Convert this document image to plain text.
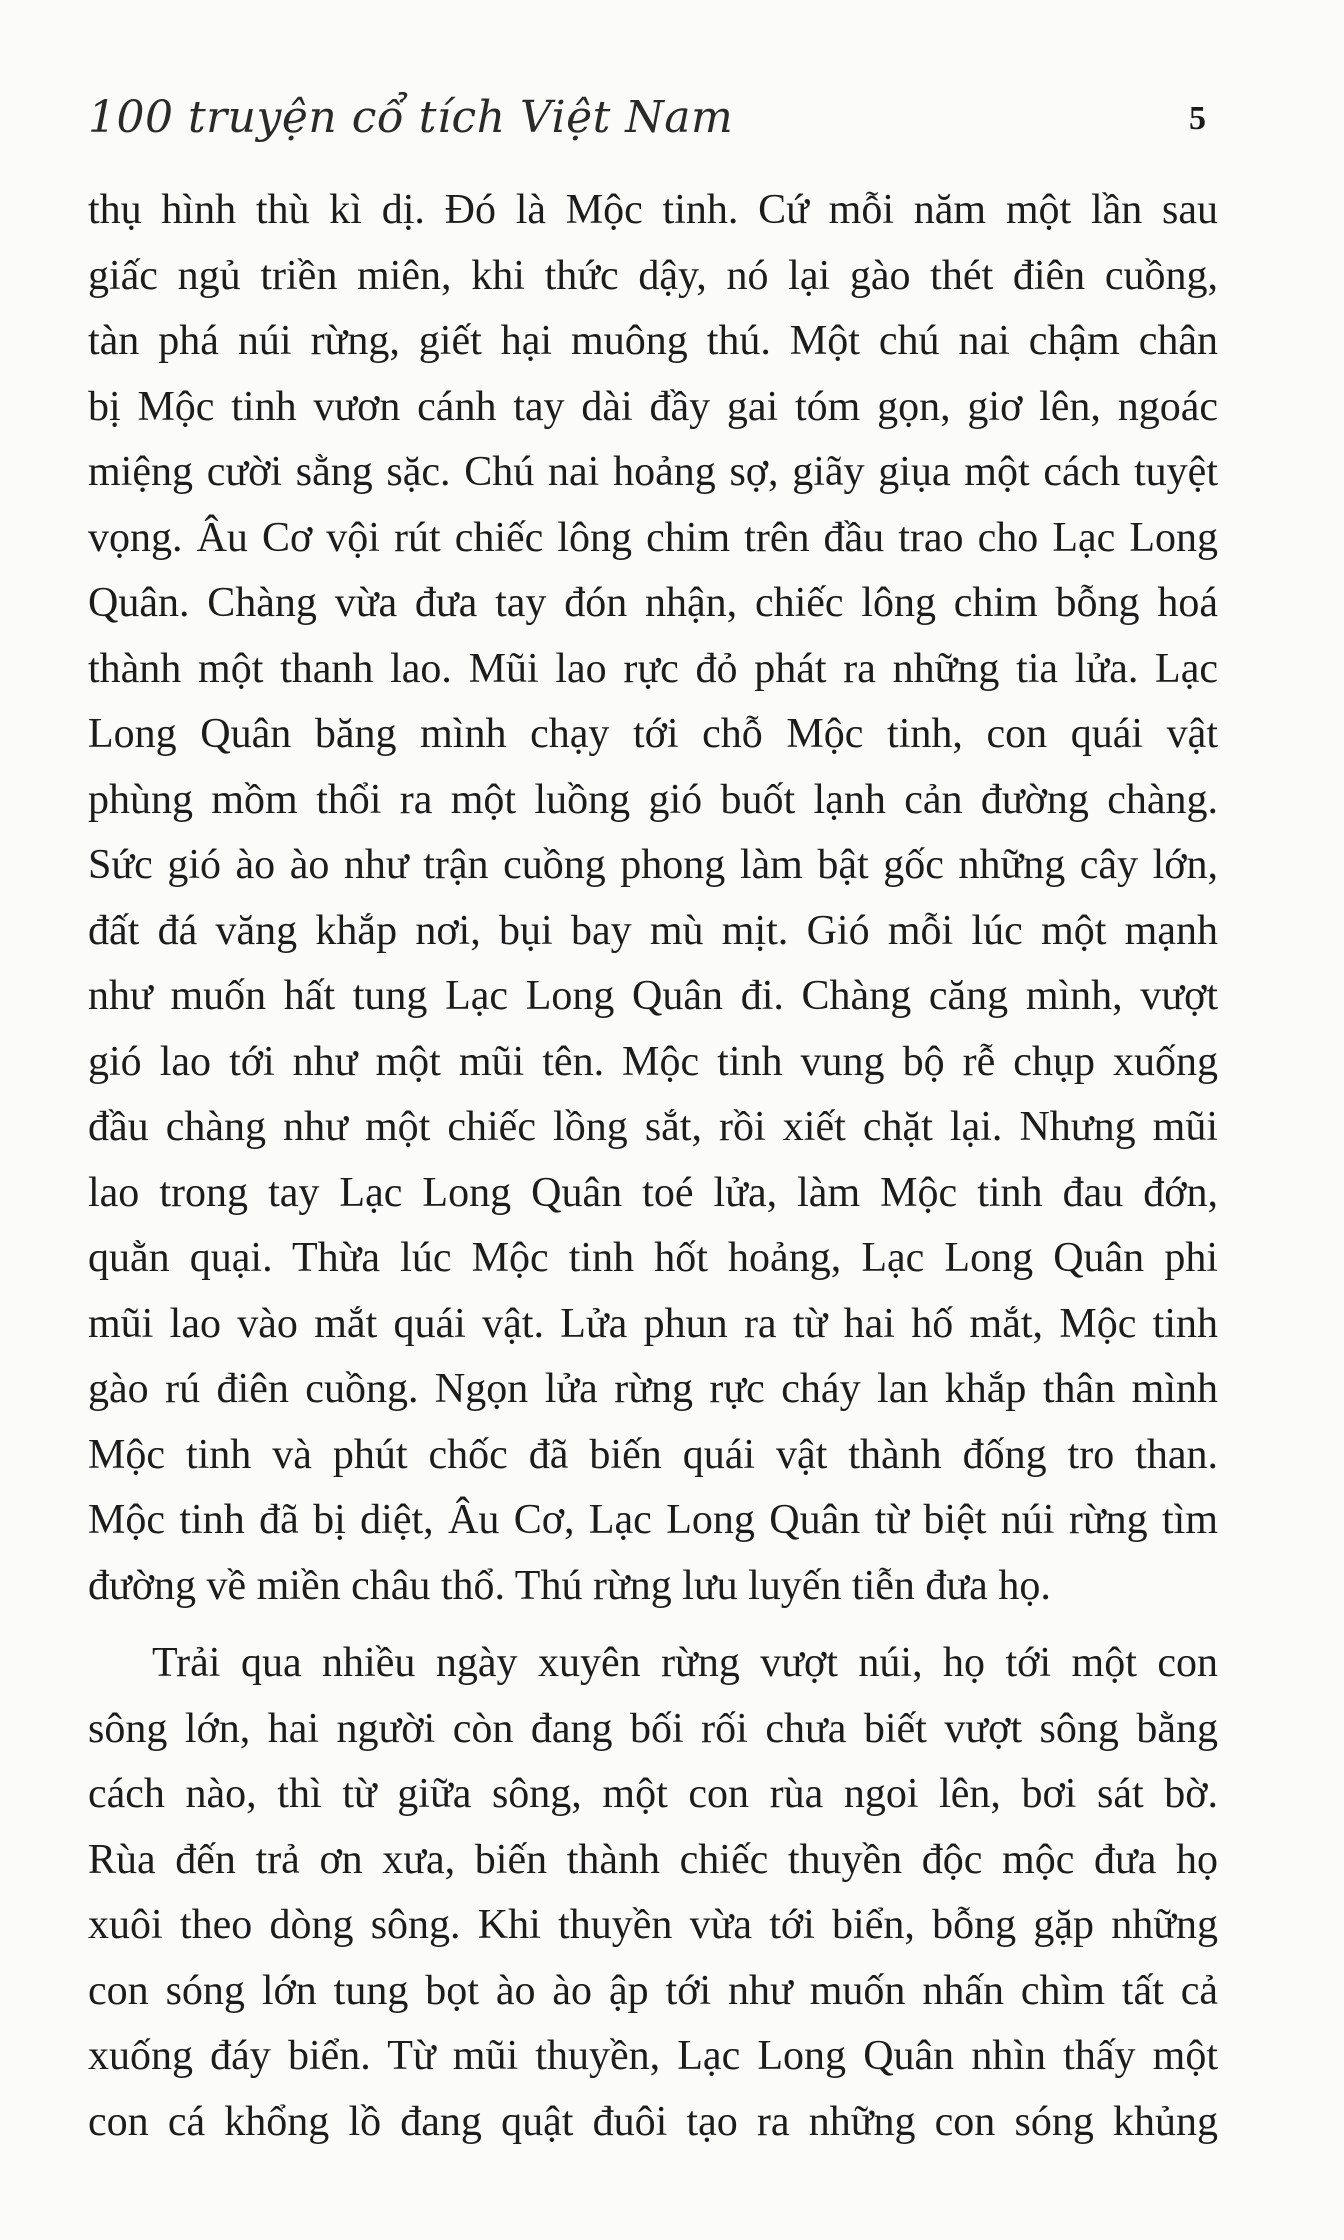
100 truyện cổ tích Việt Nam	5
thụ hình thù kì dị. Đó là Mộc tinh. Cứ mỗi năm một lần sau
giấc ngủ triền miên, khi thức dậy, nó lại gào thét điên cuồng,
tàn phá núi rừng, giết hại muông thú. Một chú nai chậm chân
bị Mộc tinh vươn cánh tay dài đầy gai tóm gọn, giơ lên, ngoác
miệng cười sằng sặc. Chú nai hoảng sợ, giãy giụa một cách tuyệt
vọng. Âu Cơ vội rút chiếc lông chim trên đầu trao cho Lạc Long
Quân. Chàng vừa đưa tay đón nhận, chiếc lông chim bỗng hoá
thành một thanh lao. Mũi lao rực đỏ phát ra những tia lửa. Lạc
Long Quân băng mình chạy tới chỗ Mộc tinh, con quái vật
phùng mồm thổi ra một luồng gió buốt lạnh cản đường chàng.
Sức gió ào ào như trận cuồng phong làm bật gốc những cây lớn,
đất đá văng khắp nơi, bụi bay mù mịt. Gió mỗi lúc một mạnh
như muốn hất tung Lạc Long Quân đi. Chàng căng mình, vượt
gió lao tới như một mũi tên. Mộc tinh vung bộ rễ chụp xuống
đầu chàng như một chiếc lồng sắt, rồi xiết chặt lại. Nhưng mũi
lao trong tay Lạc Long Quân toé lửa, làm Mộc tinh đau đớn,
quằn quại. Thừa lúc Mộc tinh hốt hoảng, Lạc Long Quân phi
mũi lao vào mắt quái vật. Lửa phun ra từ hai hố mắt, Mộc tinh
gào rú điên cuồng. Ngọn lửa rừng rực cháy lan khắp thân mình
Mộc tinh và phút chốc đã biến quái vật thành đống tro than.
Mộc tinh đã bị diệt, Âu Cơ, Lạc Long Quân từ biệt núi rừng tìm
đường về miền châu thổ. Thú rừng lưu luyến tiễn đưa họ.
Trải qua nhiều ngày xuyên rừng vượt núi, họ tới một con
sông lớn, hai người còn đang bối rối chưa biết vượt sông bằng
cách nào, thì từ giữa sông, một con rùa ngoi lên, bơi sát bờ.
Rùa đến trả ơn xưa, biến thành chiếc thuyền độc mộc đưa họ
xuôi theo dòng sông. Khi thuyền vừa tới biển, bỗng gặp những
con sóng lớn tung bọt ào ào ập tới như muốn nhấn chìm tất cả
xuống đáy biển. Từ mũi thuyền, Lạc Long Quân nhìn thấy một
con cá khổng lồ đang quật đuôi tạo ra những con sóng khủng
